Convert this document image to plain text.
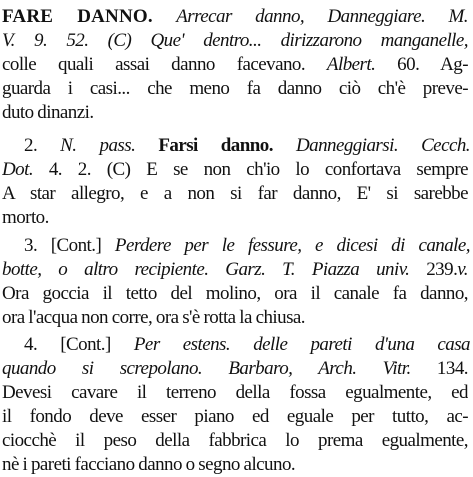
FARE DANNO. Arrecar danno, Danneggiare. M.
V. 9. 52. (C) Que' dentro... dirizzarono manganelle,
colle quali assai danno facevano. Albert. 60. Ag-
guarda i casi... che meno fa danno ciò ch'è preve-
duto dinanzi.
2. N. pass. Farsi danno. Danneggiarsi. Cecch.
Dot. 4. 2. (C) E se non ch'io lo confortava sempre
A star allegro, e a non si far danno, E' si sarebbe
morto.
3. [Cont.] Perdere per le fessure, e dicesi di canale,
botte, o altro recipiente. Garz. T. Piazza univ. 239.v.
Ora goccia il tetto del molino, ora il canale fa danno,
ora l'acqua non corre, ora s'è rotta la chiusa.
4. [Cont.] Per estens. delle pareti d'una casa
quando si screpolano. Barbaro, Arch. Vitr. 134.
Devesi cavare il terreno della fossa egualmente, ed
il fondo deve esser piano ed eguale per tutto, ac-
ciocchè il peso della fabbrica lo prema egualmente,
nè i pareti facciano danno o segno alcuno.
